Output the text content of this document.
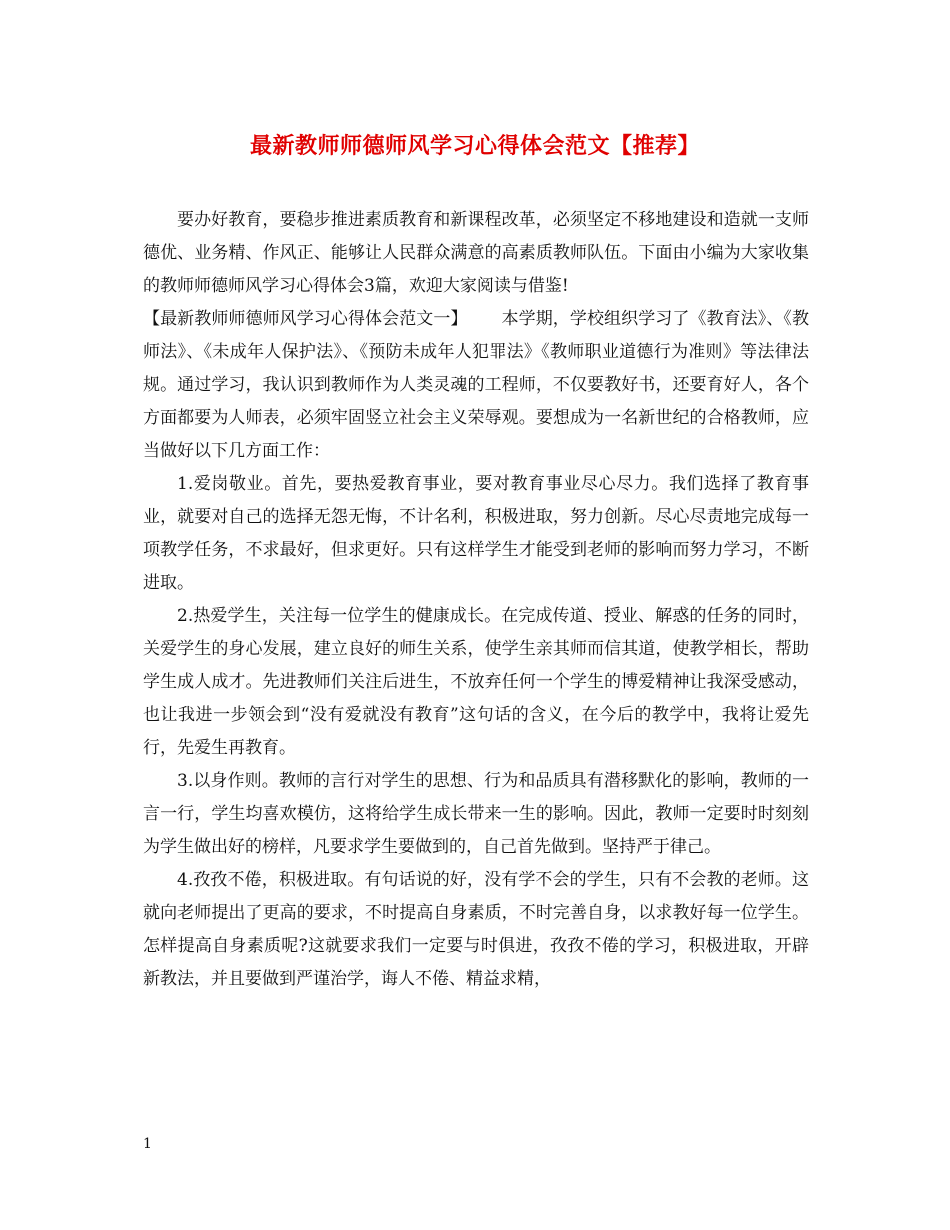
最新教师师德师风学习心得体会范文【推荐】

要办好教育，要稳步推进素质教育和新课程改革，必须坚定不移地建设和造就一支师德优、业务精、作风正、能够让人民群众满意的高素质教师队伍。下面由小编为大家收集的教师师德师风学习心得体会3篇，欢迎大家阅读与借鉴!

【最新教师师德师风学习心得体会范文一】 本学期，学校组织学习了《教育法》、《教师法》、《未成年人保护法》、《预防未成年人犯罪法》《教师职业道德行为准则》等法律法规。通过学习，我认识到教师作为人类灵魂的工程师，不仅要教好书，还要育好人，各个方面都要为人师表，必须牢固竖立社会主义荣辱观。要想成为一名新世纪的合格教师，应当做好以下几方面工作：

1.爱岗敬业。首先，要热爱教育事业，要对教育事业尽心尽力。我们选择了教育事业，就要对自己的选择无怨无悔，不计名利，积极进取，努力创新。尽心尽责地完成每一项教学任务，不求最好，但求更好。只有这样学生才能受到老师的影响而努力学习，不断进取。

2.热爱学生，关注每一位学生的健康成长。在完成传道、授业、解惑的任务的同时，关爱学生的身心发展，建立良好的师生关系，使学生亲其师而信其道，使教学相长，帮助学生成人成才。先进教师们关注后进生，不放弃任何一个学生的博爱精神让我深受感动，也让我进一步领会到“没有爱就没有教育”这句话的含义，在今后的教学中，我将让爱先行，先爱生再教育。

3.以身作则。教师的言行对学生的思想、行为和品质具有潜移默化的影响，教师的一言一行，学生均喜欢模仿，这将给学生成长带来一生的影响。因此，教师一定要时时刻刻为学生做出好的榜样，凡要求学生要做到的，自己首先做到。坚持严于律己。

4.孜孜不倦，积极进取。有句话说的好，没有学不会的学生，只有不会教的老师。这就向老师提出了更高的要求，不时提高自身素质，不时完善自身，以求教好每一位学生。怎样提高自身素质呢?这就要求我们一定要与时俱进，孜孜不倦的学习，积极进取，开辟新教法，并且要做到严谨治学，诲人不倦、精益求精，

1
